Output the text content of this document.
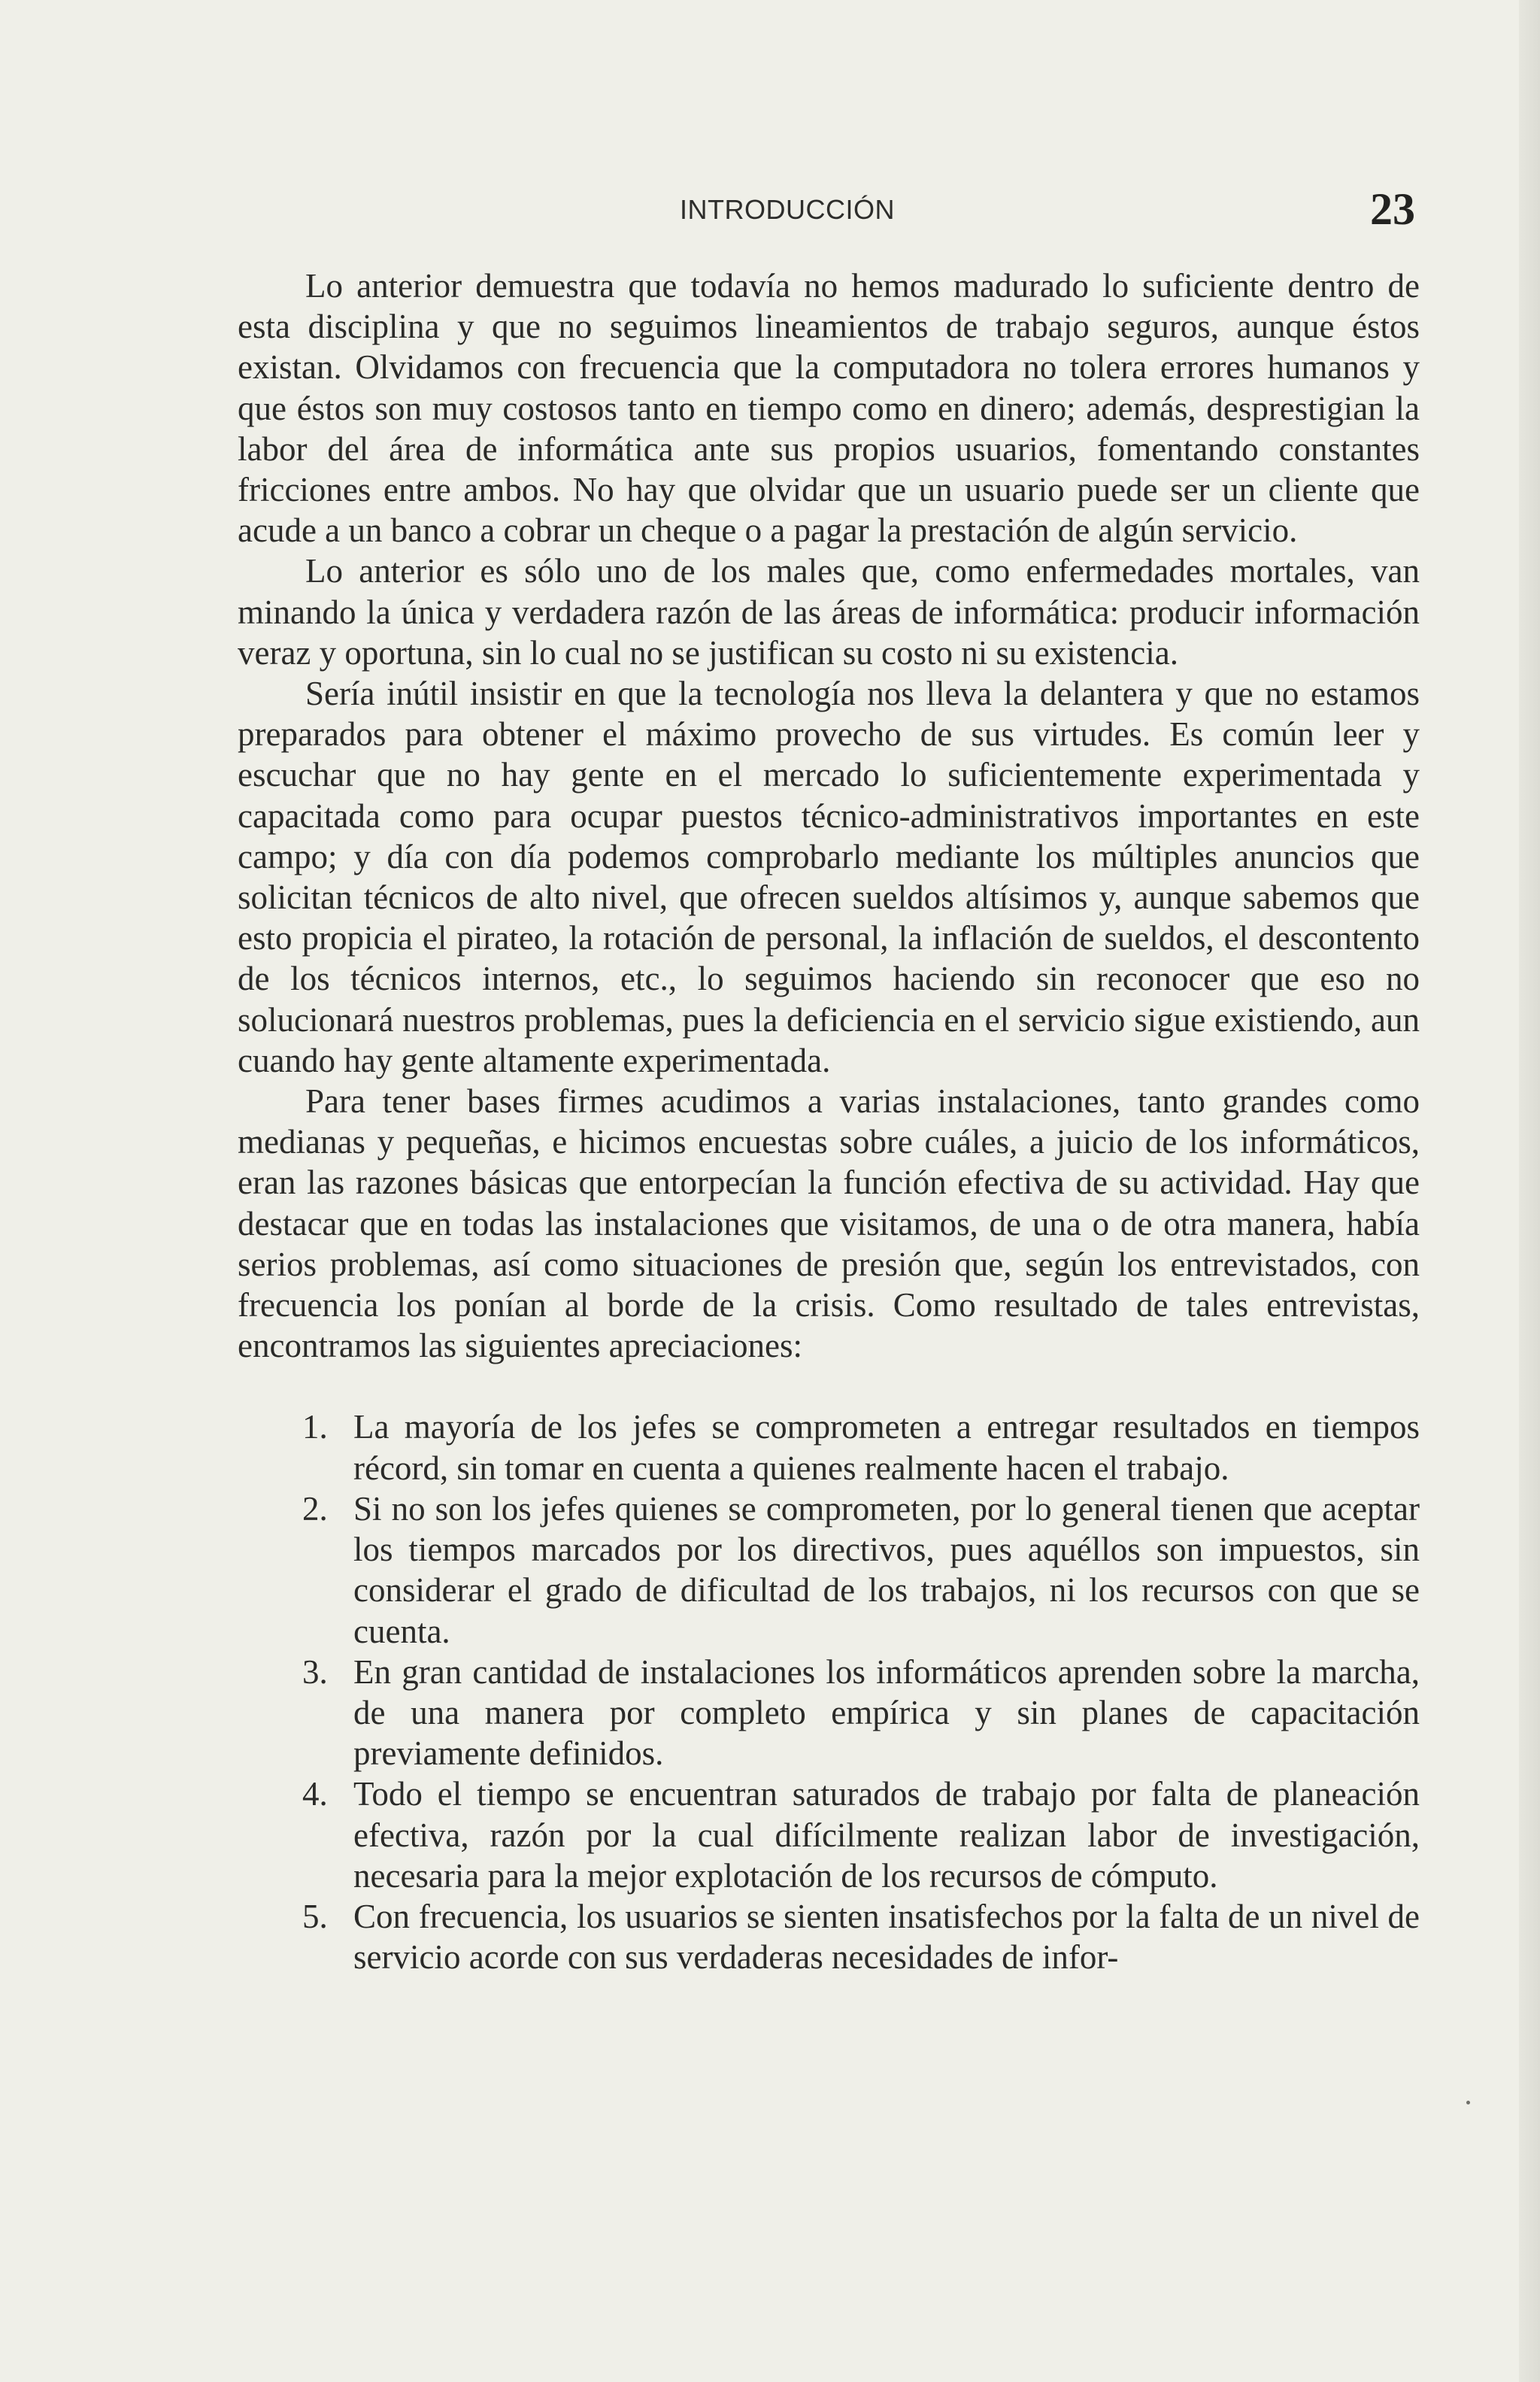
INTRODUCCIÓN	23

Lo anterior demuestra que todavía no hemos madurado lo suficiente dentro de esta disciplina y que no seguimos lineamientos de trabajo seguros, aunque éstos existan. Olvidamos con frecuencia que la computadora no tolera errores humanos y que éstos son muy costosos tanto en tiempo como en dinero; además, desprestigian la labor del área de informática ante sus propios usuarios, fomentando constantes fricciones entre ambos. No hay que olvidar que un usuario puede ser un cliente que acude a un banco a cobrar un cheque o a pagar la prestación de algún servicio.

Lo anterior es sólo uno de los males que, como enfermedades mortales, van minando la única y verdadera razón de las áreas de informática: producir información veraz y oportuna, sin lo cual no se justifican su costo ni su existencia.

Sería inútil insistir en que la tecnología nos lleva la delantera y que no estamos preparados para obtener el máximo provecho de sus virtudes. Es común leer y escuchar que no hay gente en el mercado lo suficientemente experimentada y capacitada como para ocupar puestos técnico-administrativos importantes en este campo; y día con día podemos comprobarlo mediante los múltiples anuncios que solicitan técnicos de alto nivel, que ofrecen sueldos altísimos y, aunque sabemos que esto propicia el pirateo, la rotación de personal, la inflación de sueldos, el descontento de los técnicos internos, etc., lo seguimos haciendo sin reconocer que eso no solucionará nuestros problemas, pues la deficiencia en el servicio sigue existiendo, aun cuando hay gente altamente experimentada.

Para tener bases firmes acudimos a varias instalaciones, tanto grandes como medianas y pequeñas, e hicimos encuestas sobre cuáles, a juicio de los informáticos, eran las razones básicas que entorpecían la función efectiva de su actividad. Hay que destacar que en todas las instalaciones que visitamos, de una o de otra manera, había serios problemas, así como situaciones de presión que, según los entrevistados, con frecuencia los ponían al borde de la crisis. Como resultado de tales entrevistas, encontramos las siguientes apreciaciones:

1. La mayoría de los jefes se comprometen a entregar resultados en tiempos récord, sin tomar en cuenta a quienes realmente hacen el trabajo.
2. Si no son los jefes quienes se comprometen, por lo general tienen que aceptar los tiempos marcados por los directivos, pues aquéllos son impuestos, sin considerar el grado de dificultad de los trabajos, ni los recursos con que se cuenta.
3. En gran cantidad de instalaciones los informáticos aprenden sobre la marcha, de una manera por completo empírica y sin planes de capacitación previamente definidos.
4. Todo el tiempo se encuentran saturados de trabajo por falta de planeación efectiva, razón por la cual difícilmente realizan labor de investigación, necesaria para la mejor explotación de los recursos de cómputo.
5. Con frecuencia, los usuarios se sienten insatisfechos por la falta de un nivel de servicio acorde con sus verdaderas necesidades de infor-
